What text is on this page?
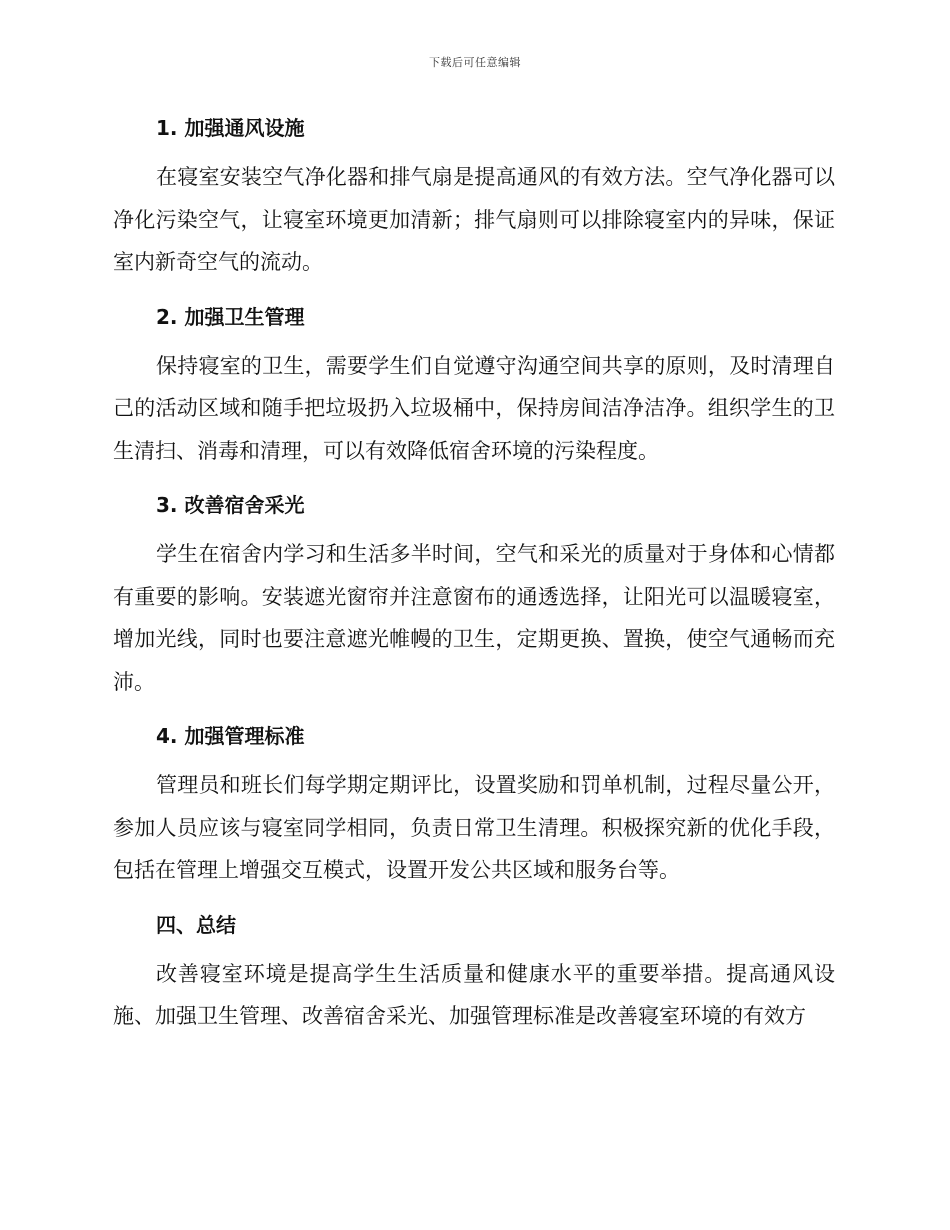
下载后可任意编辑
1. 加强通风设施

在寝室安装空气净化器和排气扇是提高通风的有效方法。空气净化器可以净化污染空气，让寝室环境更加清新；排气扇则可以排除寝室内的异味，保证室内新奇空气的流动。

2. 加强卫生管理

保持寝室的卫生，需要学生们自觉遵守沟通空间共享的原则，及时清理自己的活动区域和随手把垃圾扔入垃圾桶中，保持房间洁净洁净。组织学生的卫生清扫、消毒和清理，可以有效降低宿舍环境的污染程度。

3. 改善宿舍采光

学生在宿舍内学习和生活多半时间，空气和采光的质量对于身体和心情都有重要的影响。安装遮光窗帘并注意窗布的通透选择，让阳光可以温暖寝室，增加光线，同时也要注意遮光帷幔的卫生，定期更换、置换，使空气通畅而充沛。

4. 加强管理标准

管理员和班长们每学期定期评比，设置奖励和罚单机制，过程尽量公开，参加人员应该与寝室同学相同，负责日常卫生清理。积极探究新的优化手段，包括在管理上增强交互模式，设置开发公共区域和服务台等。

四、总结

改善寝室环境是提高学生生活质量和健康水平的重要举措。提高通风设施、加强卫生管理、改善宿舍采光、加强管理标准是改善寝室环境的有效方
